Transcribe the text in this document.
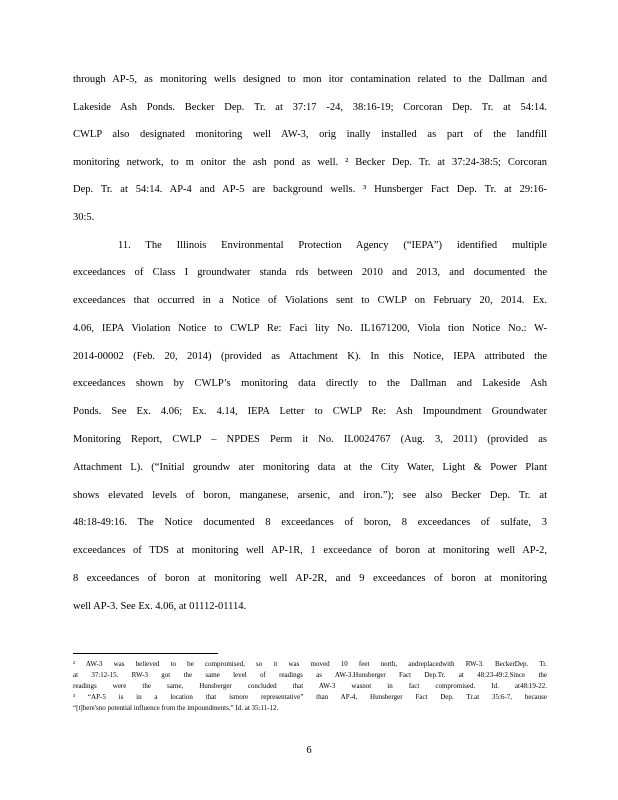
through AP-5, as monitoring wells designed to mon itor contamination related to the Dallman and
Lakeside Ash Ponds. Becker Dep. Tr. at 37:17 -24, 38:16-19; Corcoran Dep. Tr. at 54:14.
CWLP also designated monitoring well AW-3, orig inally installed as part of the landfill
monitoring network, to m onitor the ash pond as well. ² Becker Dep. Tr. at 37:24-38:5; Corcoran
Dep. Tr. at 54:14. AP-4 and AP-5 are background wells. ³ Hunsberger Fact Dep. Tr. at 29:16-
30:5.
11. The Illinois Environmental Protection Agency (“IEPA”) identified multiple
exceedances of Class I groundwater standa rds between 2010 and 2013, and documented the
exceedances that occurred in a Notice of Violations sent to CWLP on February 20, 2014. Ex.
4.06, IEPA Violation Notice to CWLP Re: Faci lity No. IL1671200, Viola tion Notice No.: W-
2014-00002 (Feb. 20, 2014) (provided as Attachment K). In this Notice, IEPA attributed the
exceedances shown by CWLP’s monitoring data directly to the Dallman and Lakeside Ash
Ponds. See Ex. 4.06; Ex. 4.14, IEPA Letter to CWLP Re: Ash Impoundment Groundwater
Monitoring Report, CWLP – NPDES Perm it No. IL0024767 (Aug. 3, 2011) (provided as
Attachment L). (“Initial groundw ater monitoring data at the City Water, Light & Power Plant
shows elevated levels of boron, manganese, arsenic, and iron.”); see also Becker Dep. Tr. at
48:18-49:16. The Notice documented 8 exceedances of boron, 8 exceedances of sulfate, 3
exceedances of TDS at monitoring well AP-1R, 1 exceedance of boron at monitoring well AP-2,
8 exceedances of boron at monitoring well AP-2R, and 9 exceedances of boron at monitoring
well AP-3. See Ex. 4.06, at 01112-01114.
² AW-3 was believed to be compromised, so it was moved 10 feet north, andreplacedwith RW-3. BeckerDep. Tr.
at 37:12-15. RW-3 got the same level of readings as AW-3.Hunsberger Fact Dep.Tr. at 48:23-49:2.Since the
readings were the same, Hunsberger concluded that AW-3 wasnot in fact compromised. Id. at48:19-22.
³ “AP-5 is in a location that ismore representative” than AP-4, Hunsberger Fact Dep. Tr.at 35:6-7, because
“[t]here'sno potential influence from the impoundments.” Id. at 35:11-12.
6
